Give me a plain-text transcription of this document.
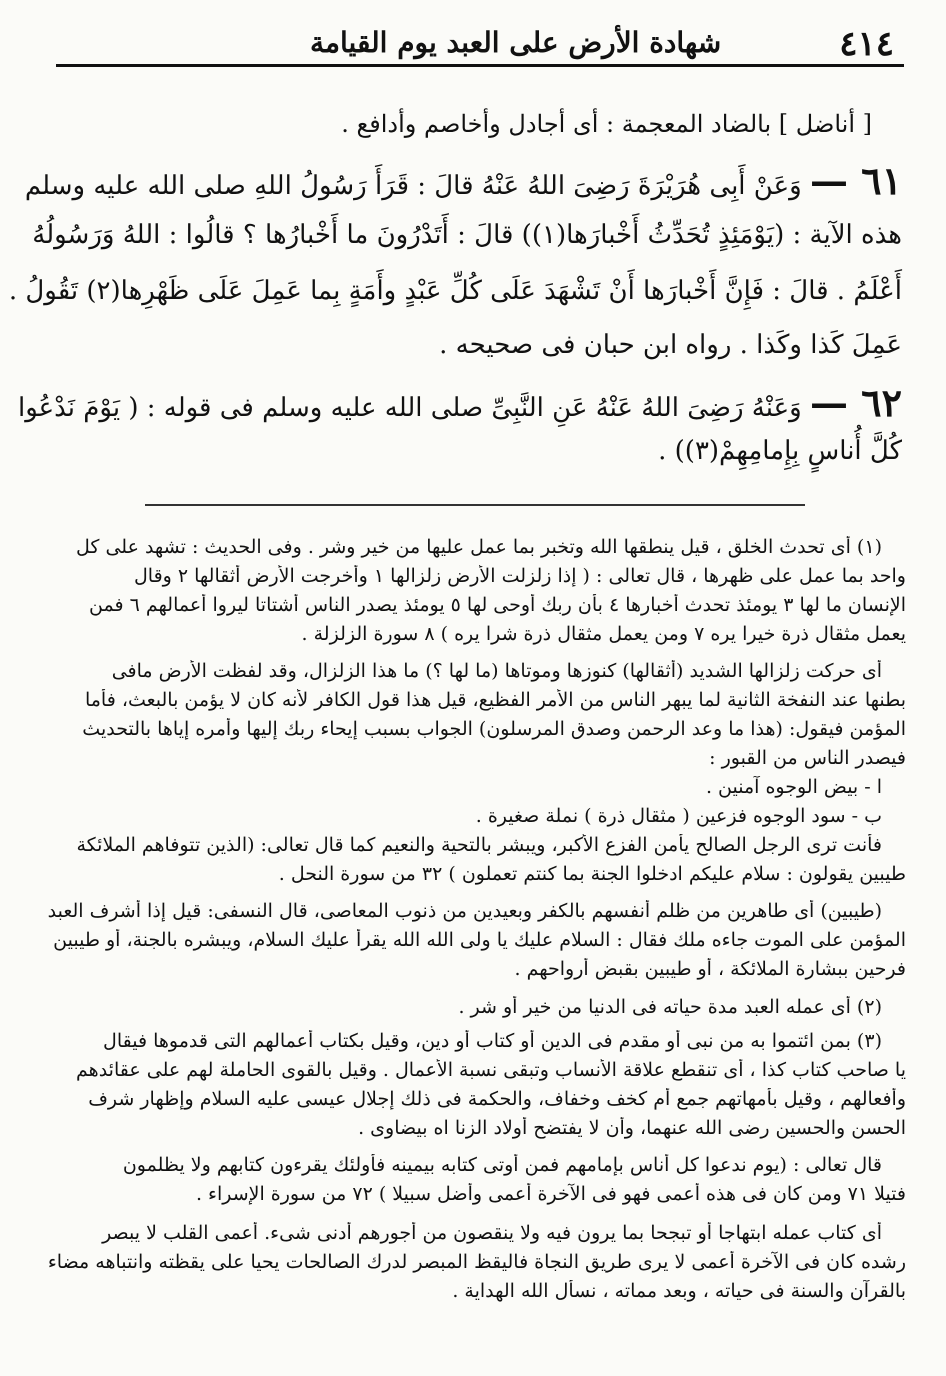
٤١٤
شهادة الأرض على العبد يوم القيامة

[ أناضل ] بالضاد المعجمة : أى أجادل وأخاصم وأدافع .

٦١ — وَعَنْ أَبِى هُرَيْرَةَ رَضِىَ اللهُ عَنْهُ قالَ : قَرَأَ رَسُولُ اللهِ صلى الله عليه وسلم

هذه الآية : (يَوْمَئِذٍ تُحَدِّثُ أَخْبارَها(١)) قالَ : أَتَدْرُونَ ما أَخْبارُها ؟ قالُوا : اللهُ وَرَسُولُهُ

أَعْلَمُ . قالَ : فَإِنَّ أَخْبارَها أَنْ تَشْهَدَ عَلَى كُلِّ عَبْدٍ وأَمَةٍ بِما عَمِلَ عَلَى ظَهْرِها(٢) تَقُولُ .

عَمِلَ كَذا وكَذا . رواه ابن حبان فى صحيحه .

٦٢ — وَعَنْهُ رَضِىَ اللهُ عَنْهُ عَنِ النَّبِىِّ صلى الله عليه وسلم فى قوله : ( يَوْمَ نَدْعُوا

كُلَّ أُناسٍ بِإِمامِهِمْ(٣)) .

(١) أى تحدث الخلق ، قيل ينطقها الله وتخبر بما عمل عليها من خير وشر . وفى الحديث : تشهد على كل
واحد بما عمل على ظهرها ، قال تعالى : ( إذا زلزلت الأرض زلزالها ١ وأخرجت الأرض أثقالها ٢ وقال
الإنسان ما لها ٣ يومئذ تحدث أخبارها ٤ بأن ربك أوحى لها ٥ يومئذ يصدر الناس أشتاتا ليروا أعمالهم ٦ فمن
يعمل مثقال ذرة خيرا يره ٧ ومن يعمل مثقال ذرة شرا يره ) ٨ سورة الزلزلة .
أى حركت زلزالها الشديد (أثقالها) كنوزها وموتاها (ما لها ؟) ما هذا الزلزال، وقد لفظت الأرض مافى
بطنها عند النفخة الثانية لما يبهر الناس من الأمر الفظيع، قيل هذا قول الكافر لأنه كان لا يؤمن بالبعث، فأما
المؤمن فيقول: (هذا ما وعد الرحمن وصدق المرسلون) الجواب بسبب إيحاء ربك إليها وأمره إياها بالتحديث
فيصدر الناس من القبور :
ا - بيض الوجوه آمنين .
ب - سود الوجوه فزعين ( مثقال ذرة ) نملة صغيرة .
فأنت ترى الرجل الصالح يأمن الفزع الأكبر، ويبشر بالتحية والنعيم كما قال تعالى: (الذين تتوفاهم الملائكة
طيبين يقولون : سلام عليكم ادخلوا الجنة بما كنتم تعملون ) ٣٢ من سورة النحل .
(طيبين) أى طاهرين من ظلم أنفسهم بالكفر وبعيدين من ذنوب المعاصى، قال النسفى: قيل إذا أشرف العبد
المؤمن على الموت جاءه ملك فقال : السلام عليك يا ولى الله الله يقرأ عليك السلام، ويبشره بالجنة، أو طيبين
فرحين ببشارة الملائكة ، أو طيبين بقبض أرواحهم .
(٢) أى عمله العبد مدة حياته فى الدنيا من خير أو شر .
(٣) بمن ائتموا به من نبى أو مقدم فى الدين أو كتاب أو دين، وقيل بكتاب أعمالهم التى قدموها فيقال
يا صاحب كتاب كذا ، أى تنقطع علاقة الأنساب وتبقى نسبة الأعمال . وقيل بالقوى الحاملة لهم على عقائدهم
وأفعالهم ، وقيل بأمهاتهم جمع أم كخف وخفاف، والحكمة فى ذلك إجلال عيسى عليه السلام وإظهار شرف
الحسن والحسين رضى الله عنهما، وأن لا يفتضح أولاد الزنا اه بيضاوى .
قال تعالى : (يوم ندعوا كل أناس بإمامهم فمن أوتى كتابه بيمينه فأولئك يقرءون كتابهم ولا يظلمون
فتيلا ٧١ ومن كان فى هذه أعمى فهو فى الآخرة أعمى وأضل سبيلا ) ٧٢ من سورة الإسراء .
أى كتاب عمله ابتهاجا أو تبجحا بما يرون فيه ولا ينقصون من أجورهم أدنى شىء. أعمى القلب لا يبصر
رشده كان فى الآخرة أعمى لا يرى طريق النجاة فاليقظ المبصر لدرك الصالحات يحيا على يقظته وانتباهه مضاء
بالقرآن والسنة فى حياته ، وبعد مماته ، نسأل الله الهداية .
